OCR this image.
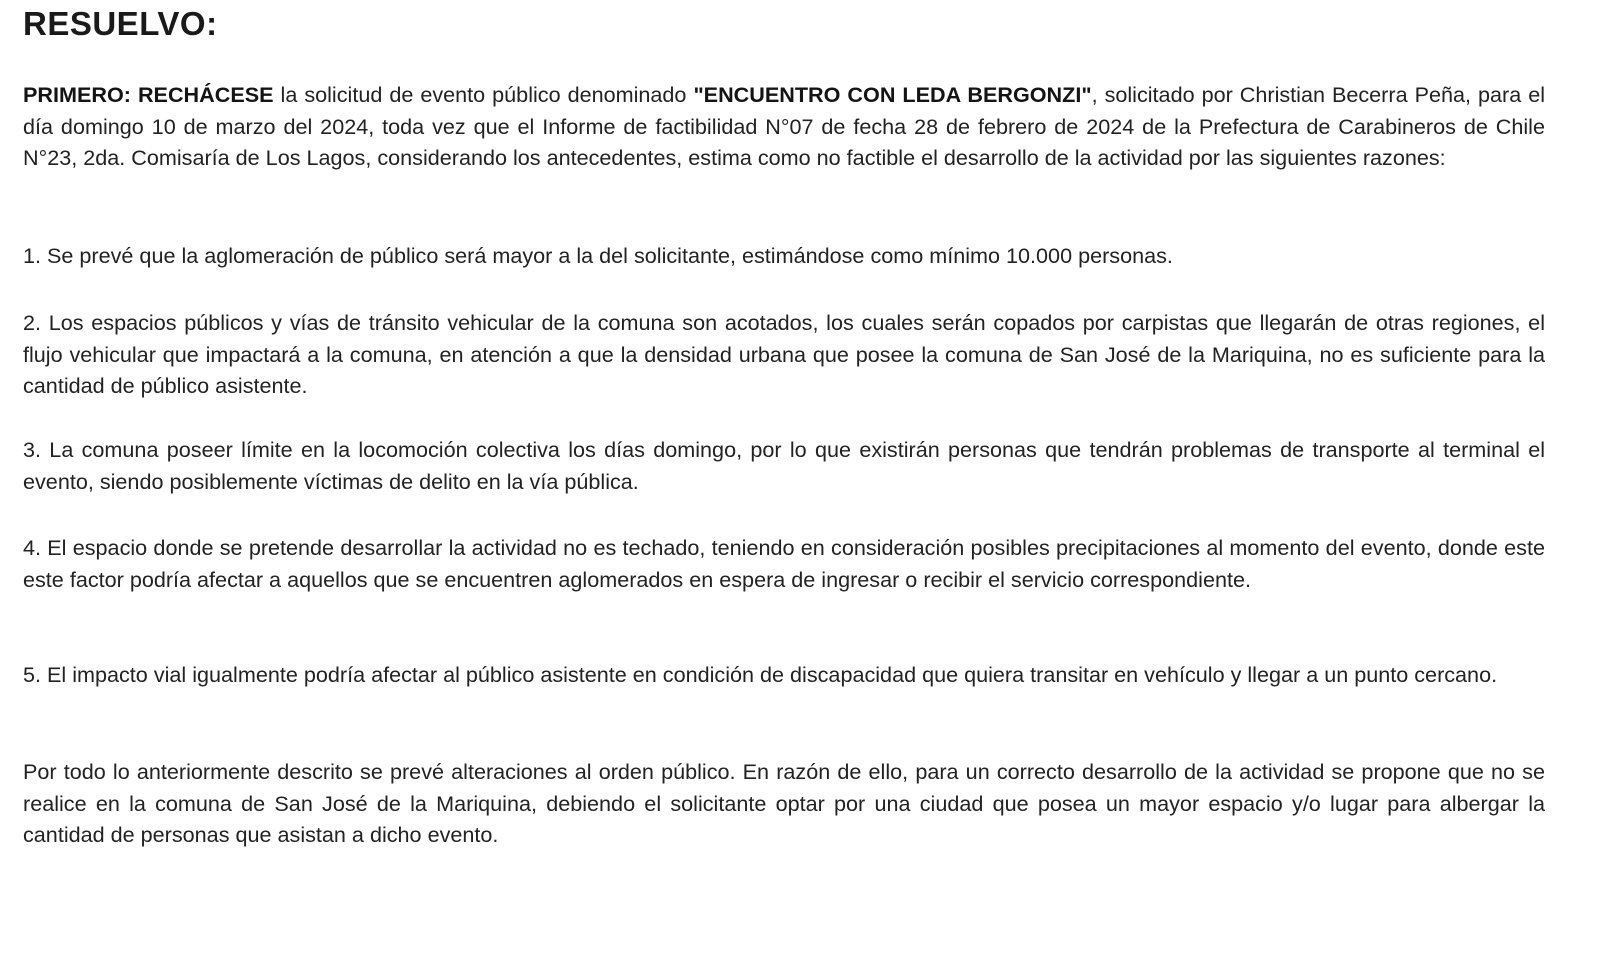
RESUELVO:

PRIMERO: RECHÁCESE la solicitud de evento público denominado "ENCUENTRO CON LEDA BERGONZI", solicitado por Christian Becerra Peña, para el día domingo 10 de marzo del 2024, toda vez que el Informe de factibilidad N°07 de fecha 28 de febrero de 2024 de la Prefectura de Carabineros de Chile N°23, 2da. Comisaría de Los Lagos, considerando los antecedentes, estima como no factible el desarrollo de la actividad por las siguientes razones:

1. Se prevé que la aglomeración de público será mayor a la del solicitante, estimándose como mínimo 10.000 personas.

2. Los espacios públicos y vías de tránsito vehicular de la comuna son acotados, los cuales serán copados por carpistas que llegarán de otras regiones, el flujo vehicular que impactará a la comuna, en atención a que la densidad urbana que posee la comuna de San José de la Mariquina, no es suficiente para la cantidad de público asistente.

3. La comuna poseer límite en la locomoción colectiva los días domingo, por lo que existirán personas que tendrán problemas de transporte al terminal el evento, siendo posiblemente víctimas de delito en la vía pública.

4. El espacio donde se pretende desarrollar la actividad no es techado, teniendo en consideración posibles precipitaciones al momento del evento, donde este este factor podría afectar a aquellos que se encuentren aglomerados en espera de ingresar o recibir el servicio correspondiente.

5. El impacto vial igualmente podría afectar al público asistente en condición de discapacidad que quiera transitar en vehículo y llegar a un punto cercano.

Por todo lo anteriormente descrito se prevé alteraciones al orden público. En razón de ello, para un correcto desarrollo de la actividad se propone que no se realice en la comuna de San José de la Mariquina, debiendo el solicitante optar por una ciudad que posea un mayor espacio y/o lugar para albergar la cantidad de personas que asistan a dicho evento.
